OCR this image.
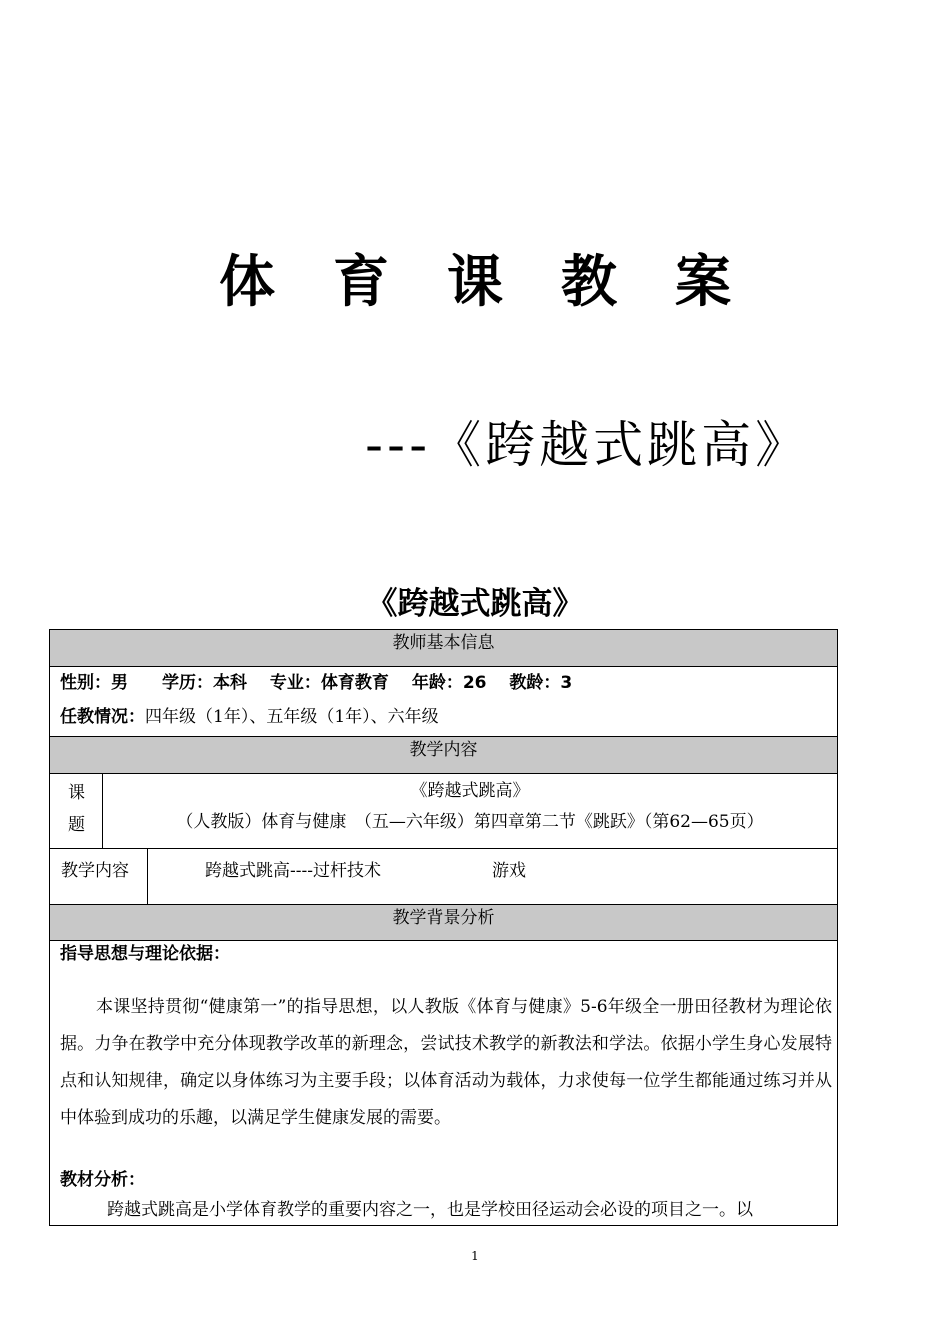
体育课教案
---《跨越式跳高》
《跨越式跳高》
教师基本信息
性别：男　　学历：本科　 专业：体育教育　 年龄：26　 教龄：3
任教情况：四年级（1年）、五年级（1年）、六年级
教学内容
课
题
《跨越式跳高》
（人教版）体育与健康　（五—六年级）第四章第二节《跳跃》（第62—65页）
教学内容	跨越式跳高----过杆技术	游戏
教学背景分析
指导思想与理论依据：
本课坚持贯彻“健康第一”的指导思想，以人教版《体育与健康》5-6年级全一册田径教材为理论依据。力争在教学中充分体现教学改革的新理念，尝试技术教学的新教法和学法。依据小学生身心发展特点和认知规律，确定以身体练习为主要手段；以体育活动为载体，力求使每一位学生都能通过练习并从中体验到成功的乐趣，以满足学生健康发展的需要。
教材分析：
跨越式跳高是小学体育教学的重要内容之一，也是学校田径运动会必设的项目之一。以
1
